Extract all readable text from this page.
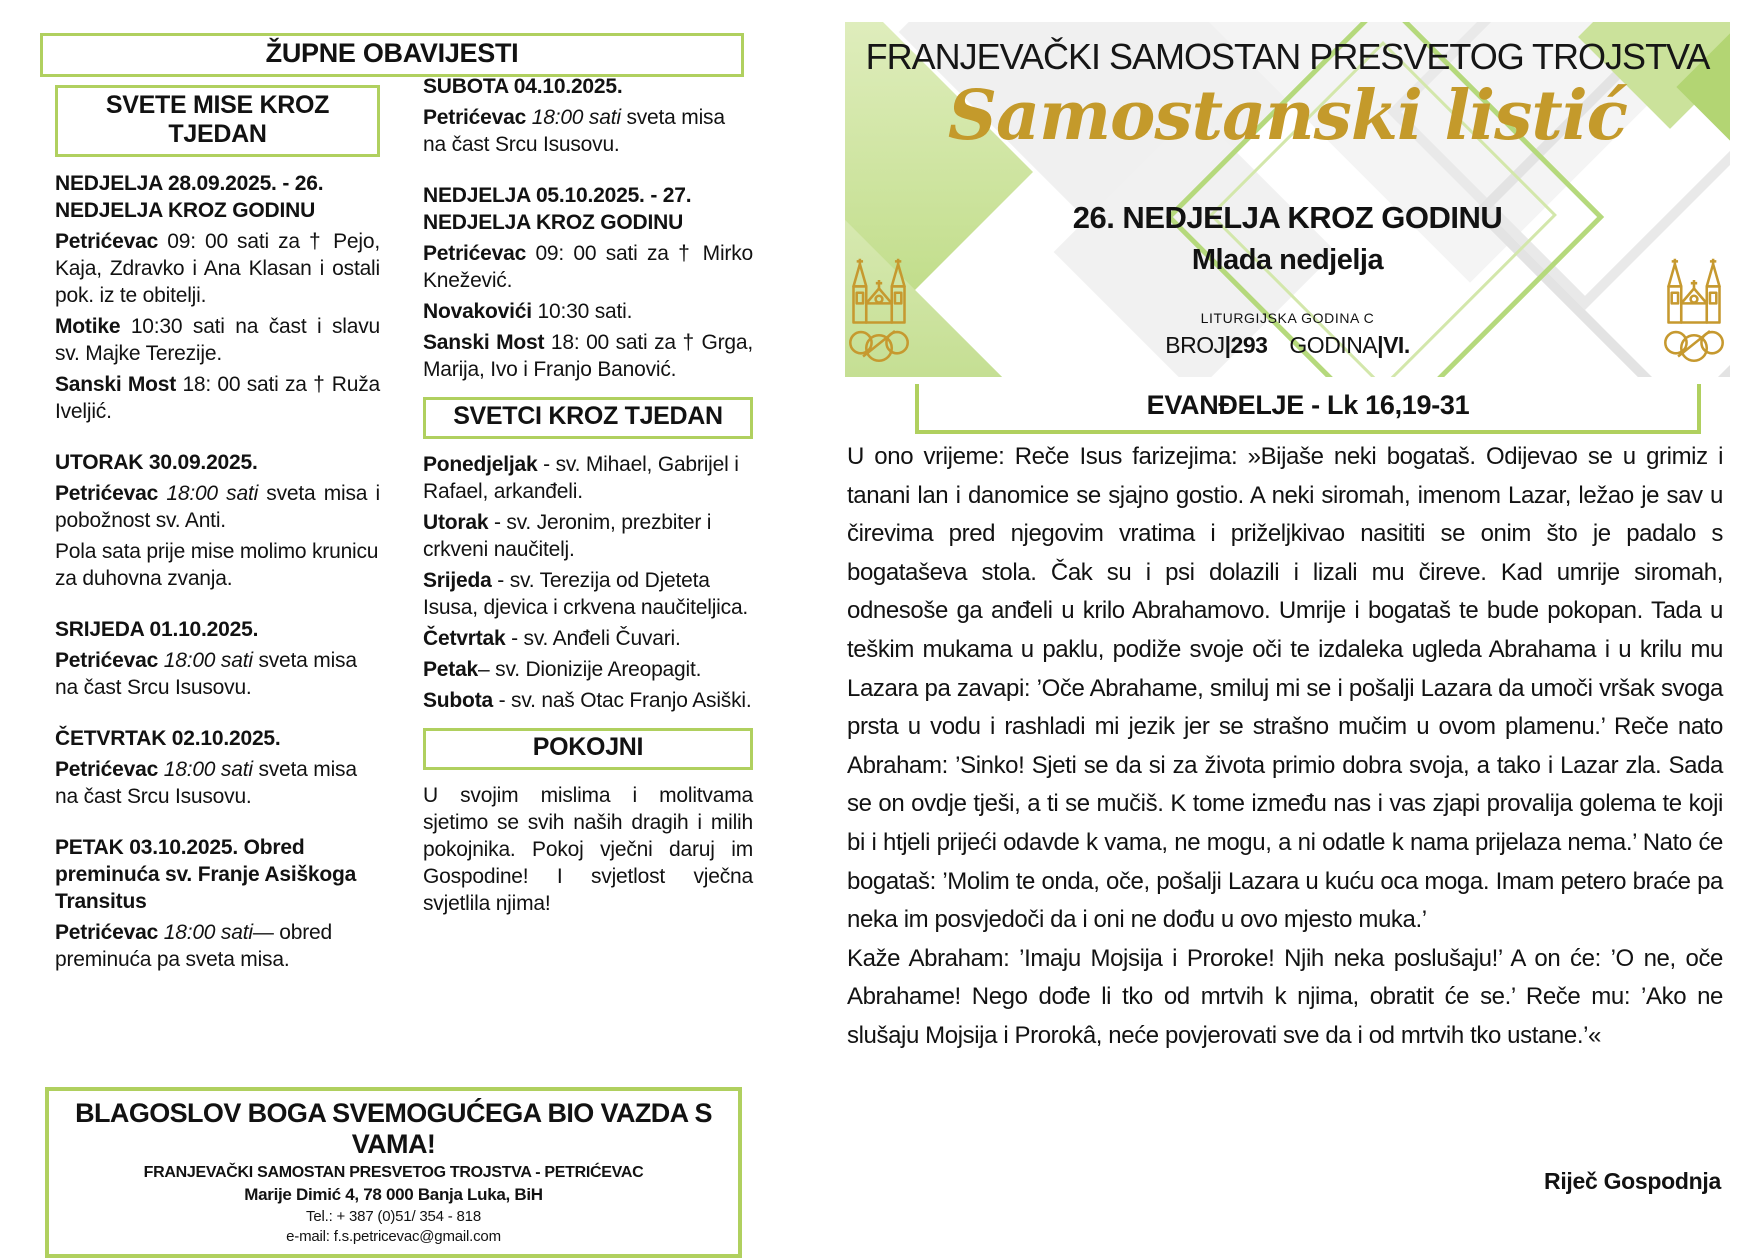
ŽUPNE OBAVIJESTI
SVETE MISE KROZ TJEDAN

NEDJELJA 28.09.2025. - 26. NEDJELJA KROZ GODINU

Petrićevac 09: 00 sati za † Pejo, Kaja, Zdravko i Ana Klasan i ostali pok. iz te obitelji.

Motike 10:30 sati na čast i slavu sv. Majke Terezije.

Sanski Most 18: 00 sati za † Ruža Iveljić.

UTORAK 30.09.2025.

Petrićevac 18:00 sati sveta misa i pobožnost sv. Anti.

Pola sata prije mise molimo krunicu za duhovna zvanja.

SRIJEDA 01.10.2025.

Petrićevac 18:00 sati sveta misa na čast Srcu Isusovu.

ČETVRTAK 02.10.2025.

Petrićevac 18:00 sati sveta misa na čast Srcu Isusovu.

PETAK 03.10.2025. Obred preminuća sv. Franje Asiškoga Transitus

Petrićevac 18:00 sati— obred preminuća pa sveta misa.

SUBOTA 04.10.2025.

Petrićevac 18:00 sati sveta misa na čast Srcu Isusovu.

NEDJELJA 05.10.2025. - 27. NEDJELJA KROZ GODINU

Petrićevac 09: 00 sati za † Mirko Knežević.

Novakovići 10:30 sati.

Sanski Most 18: 00 sati za † Grga, Marija, Ivo i Franjo Banović.

SVETCI KROZ TJEDAN

Ponedjeljak - sv. Mihael, Gabrijel i Rafael, arkanđeli.

Utorak - sv. Jeronim, prezbiter i crkveni naučitelj.

Srijeda - sv. Terezija od Djeteta Isusa, djevica i crkvena naučiteljica.

Četvrtak - sv. Anđeli Čuvari.

Petak– sv. Dionizije Areopagit.

Subota - sv. naš Otac Franjo Asiški.

POKOJNI

U svojim mislima i molitvama sjetimo se svih naših dragih i milih pokojnika. Pokoj vječni daruj im Gospodine! I svjetlost vječna svjetlila njima!

BLAGOSLOV BOGA SVEMOGUĆEGA BIO VAZDA S VAMA!
FRANJEVAČKI SAMOSTAN PRESVETOG TROJSTVA - PETRIĆEVAC
Marije Dimić 4, 78 000 Banja Luka, BiH
Tel.: + 387 (0)51/ 354 - 818
e-mail: f.s.petricevac@gmail.com
FRANJEVAČKI SAMOSTAN PRESVETOG TROJSTVA
Samostanski listić
26. NEDJELJA KROZ GODINU
Mlada nedjelja
LITURGIJSKA GODINA C
BROJ|293 GODINA|VI.
EVANĐELJE - Lk 16,19-31

U ono vrijeme: Reče Isus farizejima: »Bijaše neki bogataš. Odijevao se u grimiz i tanani lan i danomice se sjajno gostio. A neki siromah, imenom Lazar, ležao je sav u čirevima pred njegovim vratima i priželjkivao nasititi se onim što je padalo s bogataševa stola. Čak su i psi dolazili i lizali mu čireve. Kad umrije siromah, odnesoše ga anđeli u krilo Abrahamovo. Umrije i bogataš te bude pokopan. Tada u teškim mukama u paklu, podiže svoje oči te izdaleka ugleda Abrahama i u krilu mu Lazara pa zavapi: ’Oče Abrahame, smiluj mi se i pošalji Lazara da umoči vršak svoga prsta u vodu i rashladi mi jezik jer se strašno mučim u ovom plamenu.’ Reče nato Abraham: ’Sinko! Sjeti se da si za života primio dobra svoja, a tako i Lazar zla. Sada se on ovdje tješi, a ti se mučiš. K tome između nas i vas zjapi provalija golema te koji bi i htjeli prijeći odavde k vama, ne mogu, a ni odatle k nama prijelaza nema.’ Nato će bogataš: ’Molim te onda, oče, pošalji Lazara u kuću oca moga. Imam petero braće pa neka im posvjedoči da i oni ne dođu u ovo mjesto muka.’

Kaže Abraham: ’Imaju Mojsija i Proroke! Njih neka poslušaju!’ A on će: ’O ne, oče Abrahame! Nego dođe li tko od mrtvih k njima, obratit će se.’ Reče mu: ’Ako ne slušaju Mojsija i Prorokâ, neće povjerovati sve da i od mrtvih tko ustane.’«

Riječ Gospodnja
